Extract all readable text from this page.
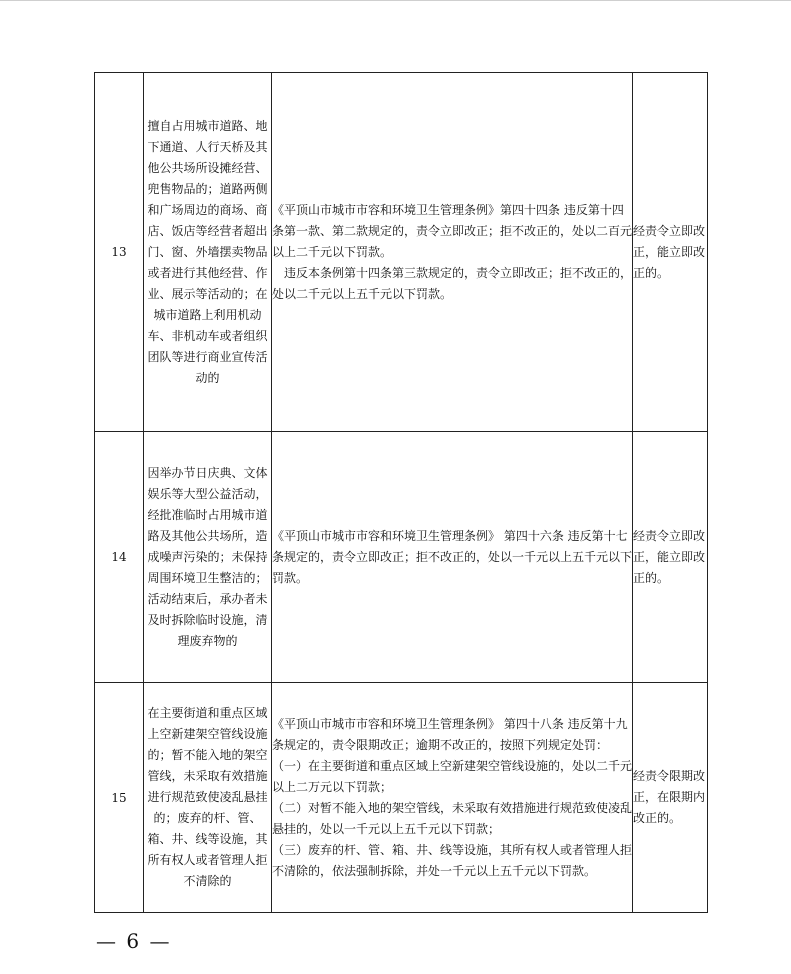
13	擅自占用城市道路、地下通道、人行天桥及其他公共场所设摊经营、兜售物品的；道路两侧和广场周边的商场、商店、饭店等经营者超出门、窗、外墙摆卖物品或者进行其他经营、作业、展示等活动的；在城市道路上利用机动车、非机动车或者组织团队等进行商业宣传活动的	《平顶山市城市市容和环境卫生管理条例》第四十四条 违反第十四条第一款、第二款规定的，责令立即改正；拒不改正的，处以二百元以上二千元以下罚款。

违反本条例第十四条第三款规定的，责令立即改正；拒不改正的，处以二千元以上五千元以下罚款。	经责令立即改正，能立即改正的。

14	因举办节日庆典、文体娱乐等大型公益活动，经批准临时占用城市道路及其他公共场所，造成噪声污染的；未保持周围环境卫生整洁的；活动结束后，承办者未及时拆除临时设施，清理废弃物的	《平顶山市城市市容和环境卫生管理条例》 第四十六条 违反第十七条规定的，责令立即改正；拒不改正的，处以一千元以上五千元以下罚款。	经责令立即改正，能立即改正的。

15	在主要街道和重点区域上空新建架空管线设施的；暂不能入地的架空管线，未采取有效措施进行规范致使凌乱悬挂的；废弃的杆、管、箱、井、线等设施，其所有权人或者管理人拒不清除的	《平顶山市城市市容和环境卫生管理条例》 第四十八条 违反第十九条规定的，责令限期改正；逾期不改正的，按照下列规定处罚：

（一）在主要街道和重点区域上空新建架空管线设施的，处以二千元以上二万元以下罚款；

（二）对暂不能入地的架空管线，未采取有效措施进行规范致使凌乱悬挂的，处以一千元以上五千元以下罚款；

（三）废弃的杆、管、箱、井、线等设施，其所有权人或者管理人拒不清除的，依法强制拆除，并处一千元以上五千元以下罚款。	经责令限期改正，在限期内改正的。

— 6 —
